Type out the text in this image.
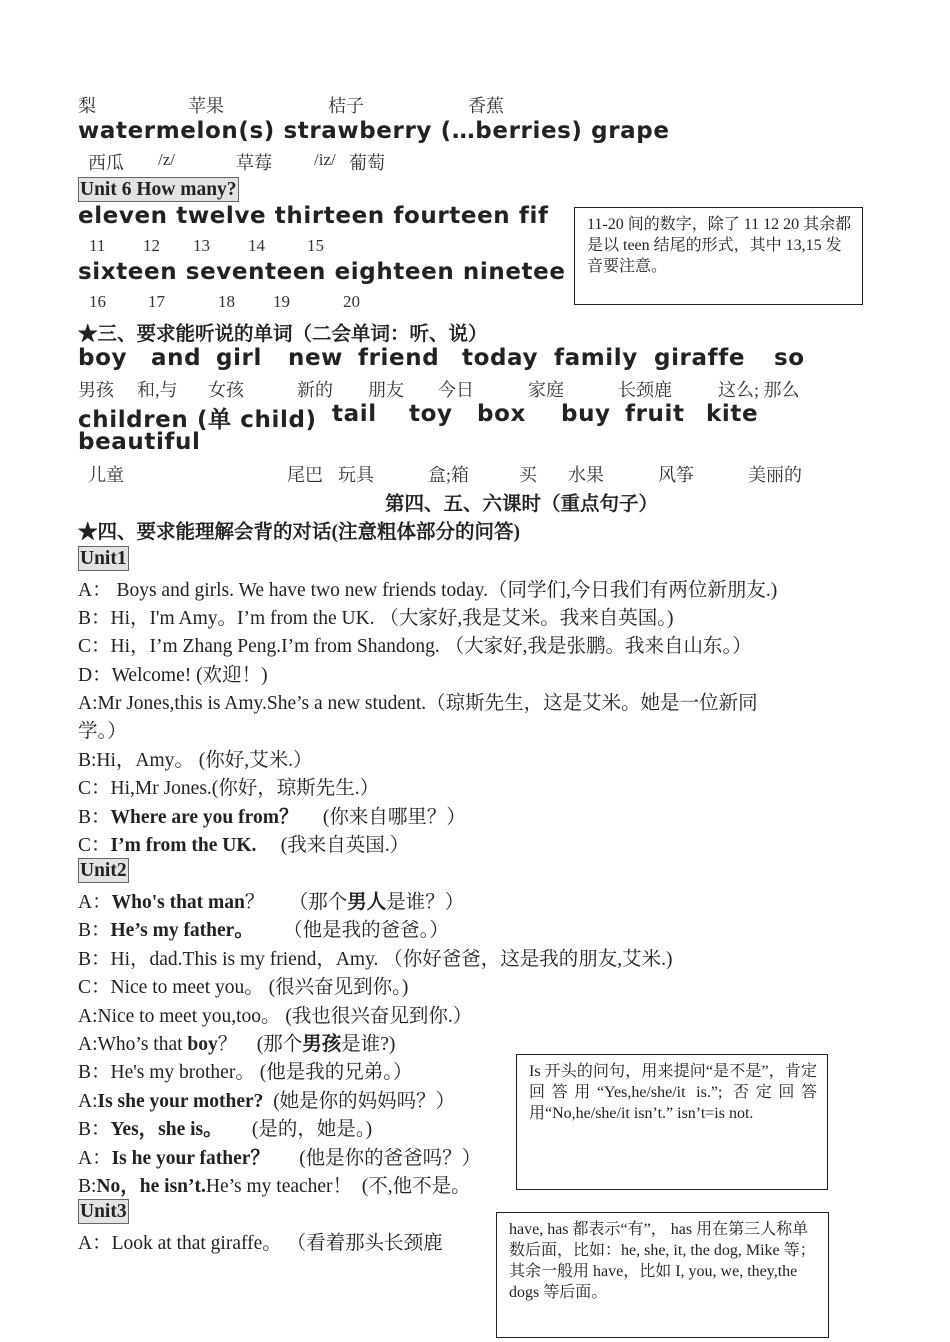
梨	苹果	桔子	香蕉
watermelon(s) strawberry (…berries) grape
西瓜 /z/	草莓 /iz/ 葡萄
Unit 6 How many?
eleven twelve thirteen fourteen fif
11 12 13 14 15
sixteen seventeen eighteen ninetee
16 17	18 19	20
11-20 间的数字，除了 11 12 20 其余都是以 teen 结尾的形式，其中 13,15 发音要注意。
★三、要求能听说的单词（二会单词：听、说）
boy and girl new friend today family giraffe so
男孩 和,与 女孩	新的 朋友 今日	家庭	长颈鹿	这么; 那么
children (单 child) tail toy box buy fruit kite
beautiful
儿童	尾巴 玩具	盒;箱	买 水果	风筝	美丽的
第四、五、六课时（重点句子）
★四、要求能理解会背的对话(注意粗体部分的问答)
Unit1
A： Boys and girls. We have two new friends today.（同学们,今日我们有两位新朋友.)
B：Hi，I'm Amy。I’m from the UK. （大家好,我是艾米。我来自英国。)
C：Hi，I’m Zhang Peng.I’m from Shandong. （大家好,我是张鹏。我来自山东。）
D：Welcome! (欢迎！)
A:Mr Jones,this is Amy.She’s a new student.（琼斯先生，这是艾米。她是一位新同
学。）
B:Hi，Amy。 (你好,艾米.）
C：Hi,Mr Jones.(你好，琼斯先生.）
B：Where are you from？     (你来自哪里？）
C：I’m from the UK.     (我来自英国.）
Unit2
A：Who's that man？     （那个男人是谁？）
B：He’s my father。      （他是我的爸爸。）
B：Hi，dad.This is my friend，Amy. （你好爸爸，这是我的朋友,艾米.)
C：Nice to meet you。 (很兴奋见到你。)
A:Nice to meet you,too。 (我也很兴奋见到你.）
A:Who’s that boy？    (那个男孩是谁?)
B：He's my brother。 (他是我的兄弟。）
A:Is she your mother?  (她是你的妈妈吗？）
B：Yes，she is。      (是的，她是。)
A：Is he your father？      (他是你的爸爸吗？）
B:No，he isn’t.He’s my teacher！  (不,他不是。
Is 开头的问句，用来提问“是不是”，肯定回答用“Yes,he/she/it is.”; 否定回答用“No,he/she/it isn’t.” isn’t=is not.
Unit3
A：Look at that giraffe。 （看着那头长颈鹿
have, has 都表示“有”， has 用在第三人称单数后面，比如：he, she, it, the dog, Mike 等；其余一般用 have，比如 I, you, we, they,the dogs 等后面。
